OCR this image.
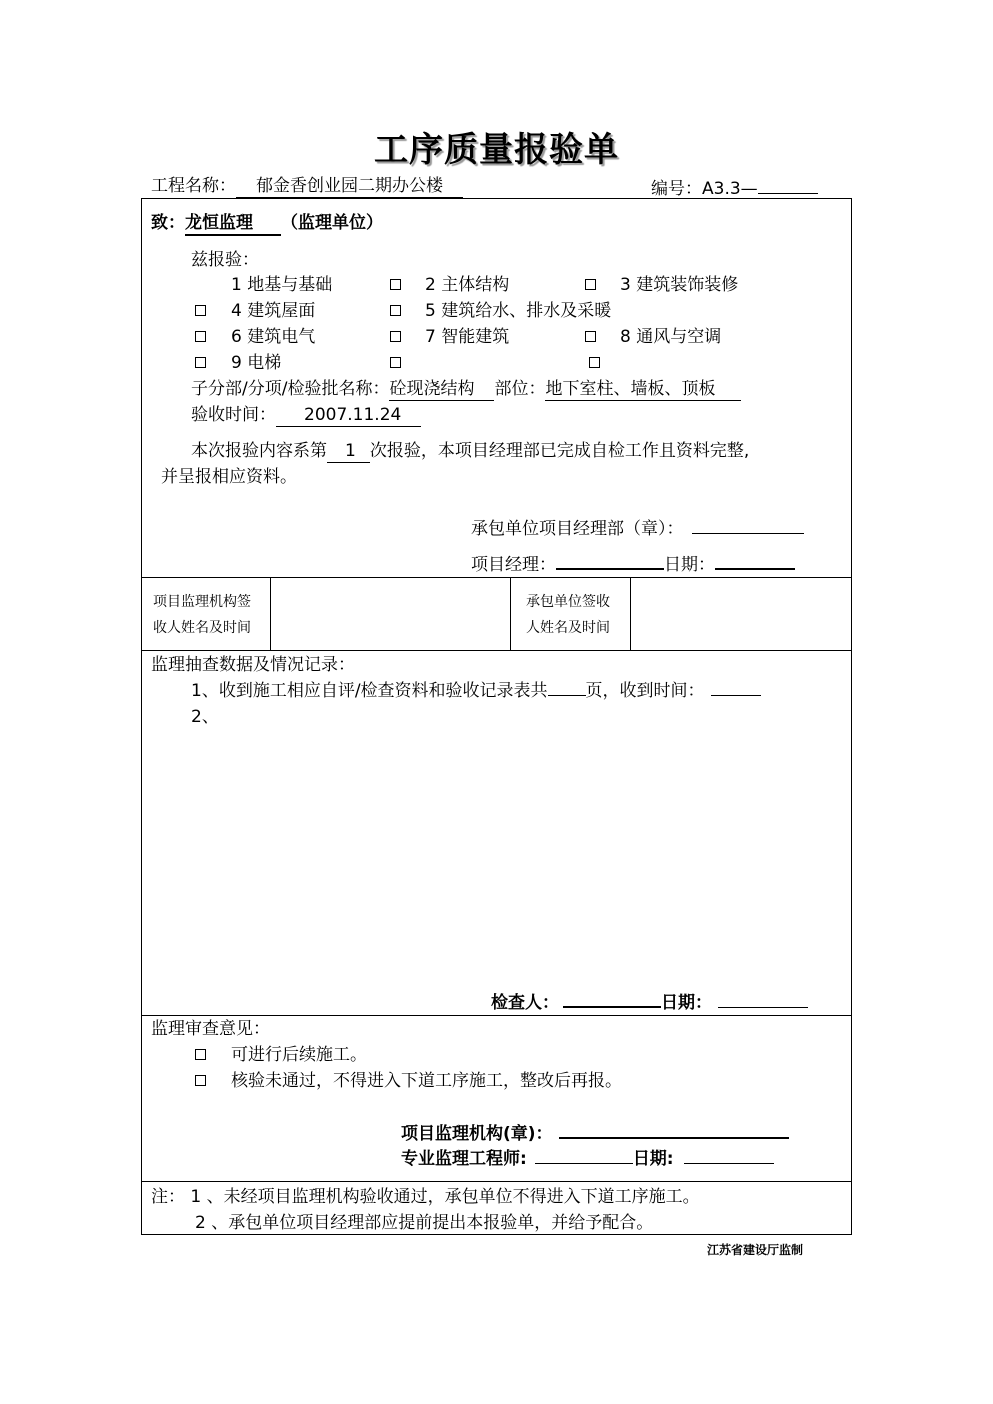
工序质量报验单
工程名称： 郁金香创业园二期办公楼	编号：A3.3—
致：龙恒监理 （监理单位）
兹报验：
1 地基与基础	2 主体结构	3 建筑装饰装修
4 建筑屋面	5 建筑给水、排水及采暖
6 建筑电气	7 智能建筑	8 通风与空调
9 电梯
子分部/分项/检验批名称：砼现浇结构 部位：地下室柱、墙板、顶板
验收时间： 2007.11.24
本次报验内容系第 1 次报验，本项目经理部已完成自检工作且资料完整,
并呈报相应资料。
承包单位项目经理部（章）：
项目经理：	日期：
项目监理机构签
收人姓名及时间
承包单位签收
人姓名及时间
监理抽查数据及情况记录：
1、收到施工相应自评/检查资料和验收记录表共 页，收到时间：
2、
检查人：	日期：
监理审查意见：
可进行后续施工。
核验未通过，不得进入下道工序施工，整改后再报。
项目监理机构(章)：
专业监理工程师:	日期:
注： 1 、未经项目监理机构验收通过，承包单位不得进入下道工序施工。
2 、承包单位项目经理部应提前提出本报验单，并给予配合。
江苏省建设厅监制
